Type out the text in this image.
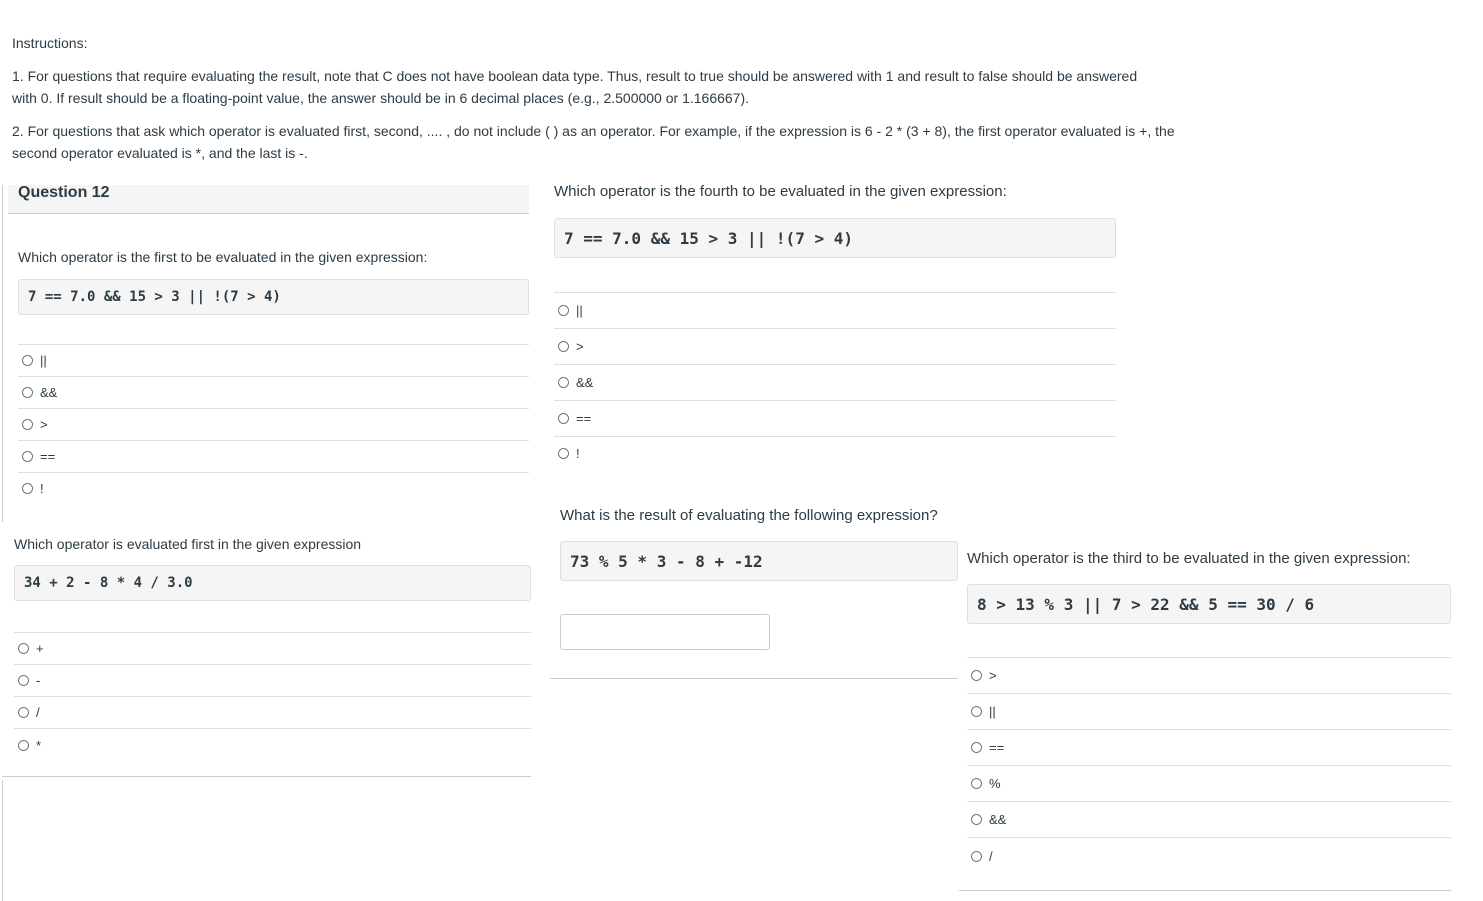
Instructions:

1. For questions that require evaluating the result, note that C does not have boolean data type. Thus, result to true should be answered with 1 and result to false should be answered
with 0. If result should be a floating-point value, the answer should be in 6 decimal places (e.g., 2.500000 or 1.166667).

2. For questions that ask which operator is evaluated first, second, .... , do not include ( ) as an operator. For example, if the expression is 6 - 2 * (3 + 8), the first operator evaluated is +, the
second operator evaluated is *, and the last is -.

Question 12
Which operator is the first to be evaluated in the given expression:
7 == 7.0 && 15 > 3 || !(7 > 4)
||
&&
>
==
!
Which operator is evaluated first in the given expression
34 + 2 - 8 * 4 / 3.0
+
-
/
*
Which operator is the fourth to be evaluated in the given expression:
7 == 7.0 && 15 > 3 || !(7 > 4)
||
>
&&
==
!
What is the result of evaluating the following expression?
73 % 5 * 3 - 8 + -12	Which operator is the third to be evaluated in the given expression:
8 > 13 % 3 || 7 > 22 && 5 == 30 / 6
>
||
==
%
&&
/
